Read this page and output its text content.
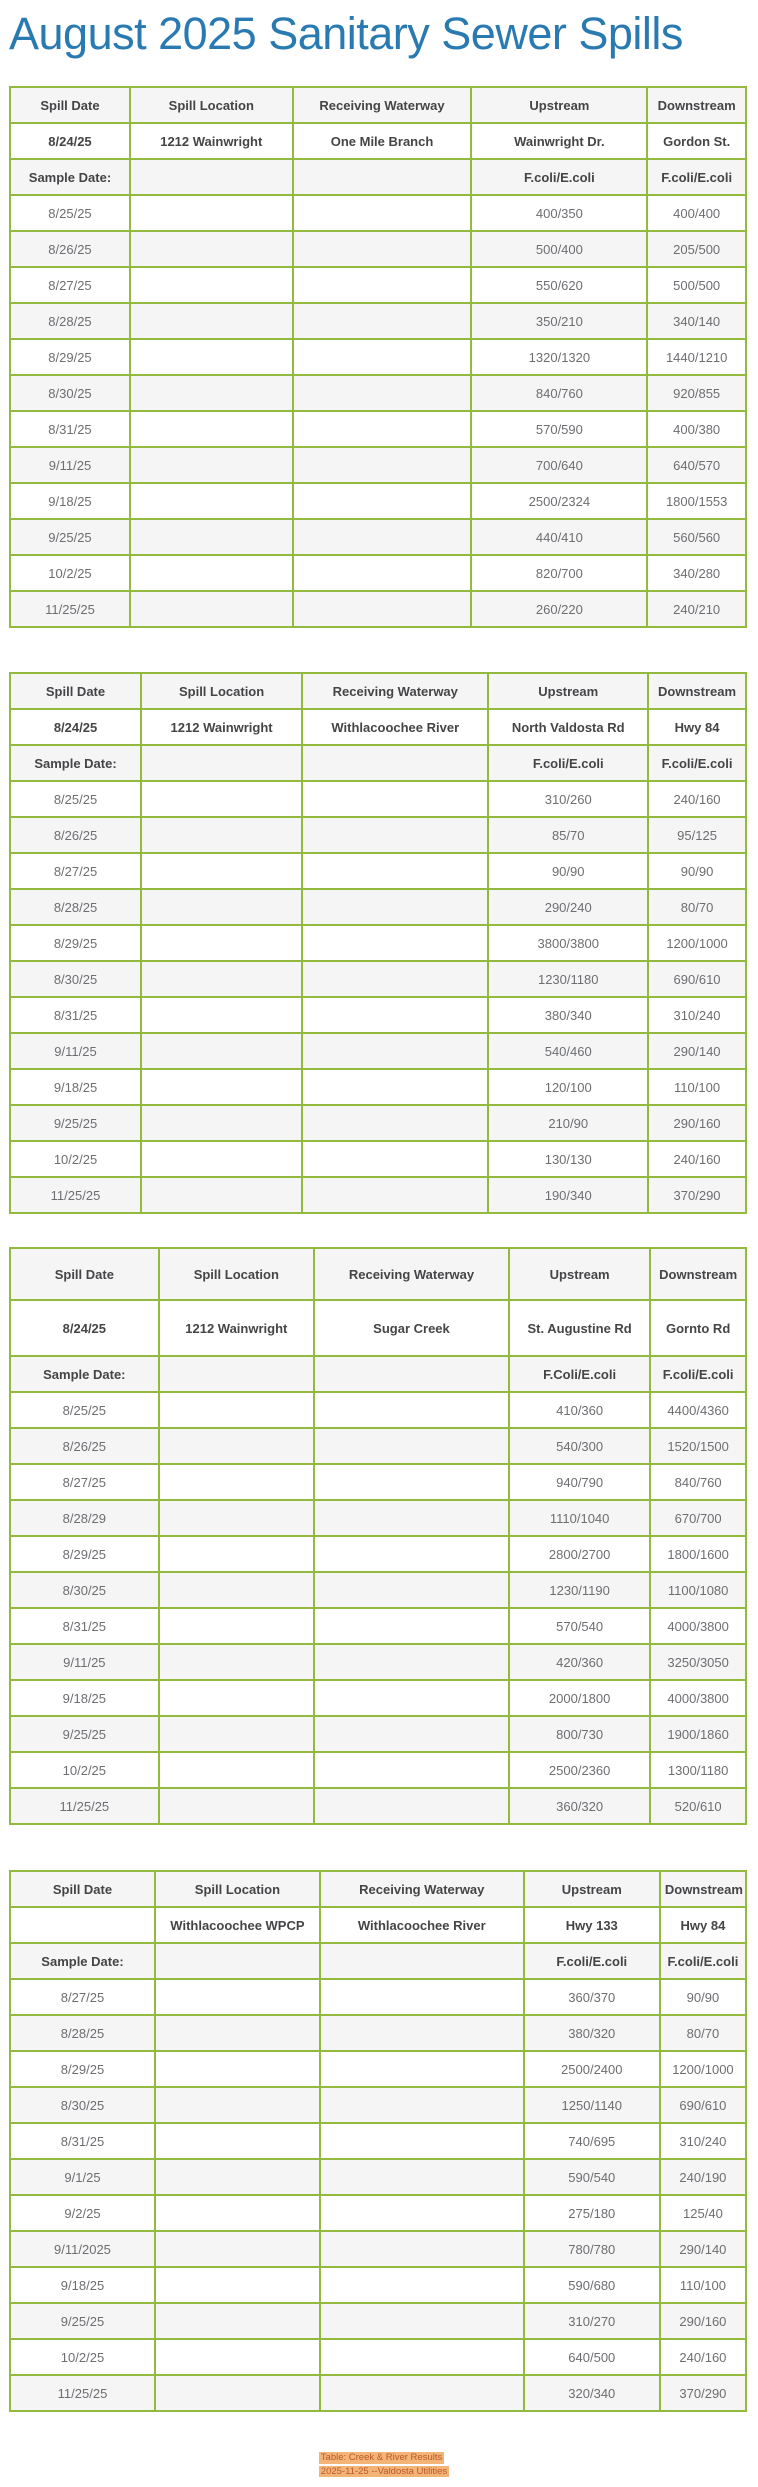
August 2025 Sanitary Sewer Spills
Spill Date	Spill Location	Receiving Waterway	Upstream	Downstream
8/24/25	1212 Wainwright	One Mile Branch	Wainwright Dr.	Gordon St.
Sample Date:			F.coli/E.coli	F.coli/E.coli
8/25/25			400/350	400/400
8/26/25			500/400	205/500
8/27/25			550/620	500/500
8/28/25			350/210	340/140
8/29/25			1320/1320	1440/1210
8/30/25			840/760	920/855
8/31/25			570/590	400/380
9/11/25			700/640	640/570
9/18/25			2500/2324	1800/1553
9/25/25			440/410	560/560
10/2/25			820/700	340/280
11/25/25			260/220	240/210
Spill Date	Spill Location	Receiving Waterway	Upstream	Downstream
8/24/25	1212 Wainwright	Withlacoochee River	North Valdosta Rd	Hwy 84
Sample Date:			F.coli/E.coli	F.coli/E.coli
8/25/25			310/260	240/160
8/26/25			85/70	95/125
8/27/25			90/90	90/90
8/28/25			290/240	80/70
8/29/25			3800/3800	1200/1000
8/30/25			1230/1180	690/610
8/31/25			380/340	310/240
9/11/25			540/460	290/140
9/18/25			120/100	110/100
9/25/25			210/90	290/160
10/2/25			130/130	240/160
11/25/25			190/340	370/290
Spill Date	Spill Location	Receiving Waterway	Upstream	Downstream
8/24/25	1212 Wainwright	Sugar Creek	St. Augustine Rd	Gornto Rd
Sample Date:			F.Coli/E.coli	F.coli/E.coli
8/25/25			410/360	4400/4360
8/26/25			540/300	1520/1500
8/27/25			940/790	840/760
8/28/29			1110/1040	670/700
8/29/25			2800/2700	1800/1600
8/30/25			1230/1190	1100/1080
8/31/25			570/540	4000/3800
9/11/25			420/360	3250/3050
9/18/25			2000/1800	4000/3800
9/25/25			800/730	1900/1860
10/2/25			2500/2360	1300/1180
11/25/25			360/320	520/610
Spill Date	Spill Location	Receiving Waterway	Upstream	Downstream
	Withlacoochee WPCP	Withlacoochee River	Hwy 133	Hwy 84
Sample Date:			F.coli/E.coli	F.coli/E.coli
8/27/25			360/370	90/90
8/28/25			380/320	80/70
8/29/25			2500/2400	1200/1000
8/30/25			1250/1140	690/610
8/31/25			740/695	310/240
9/1/25			590/540	240/190
9/2/25			275/180	125/40
9/11/2025			780/780	290/140
9/18/25			590/680	110/100
9/25/25			310/270	290/160
10/2/25			640/500	240/160
11/25/25			320/340	370/290
Table: Creek & River Results
2025-11-25 --Valdosta Utilities
